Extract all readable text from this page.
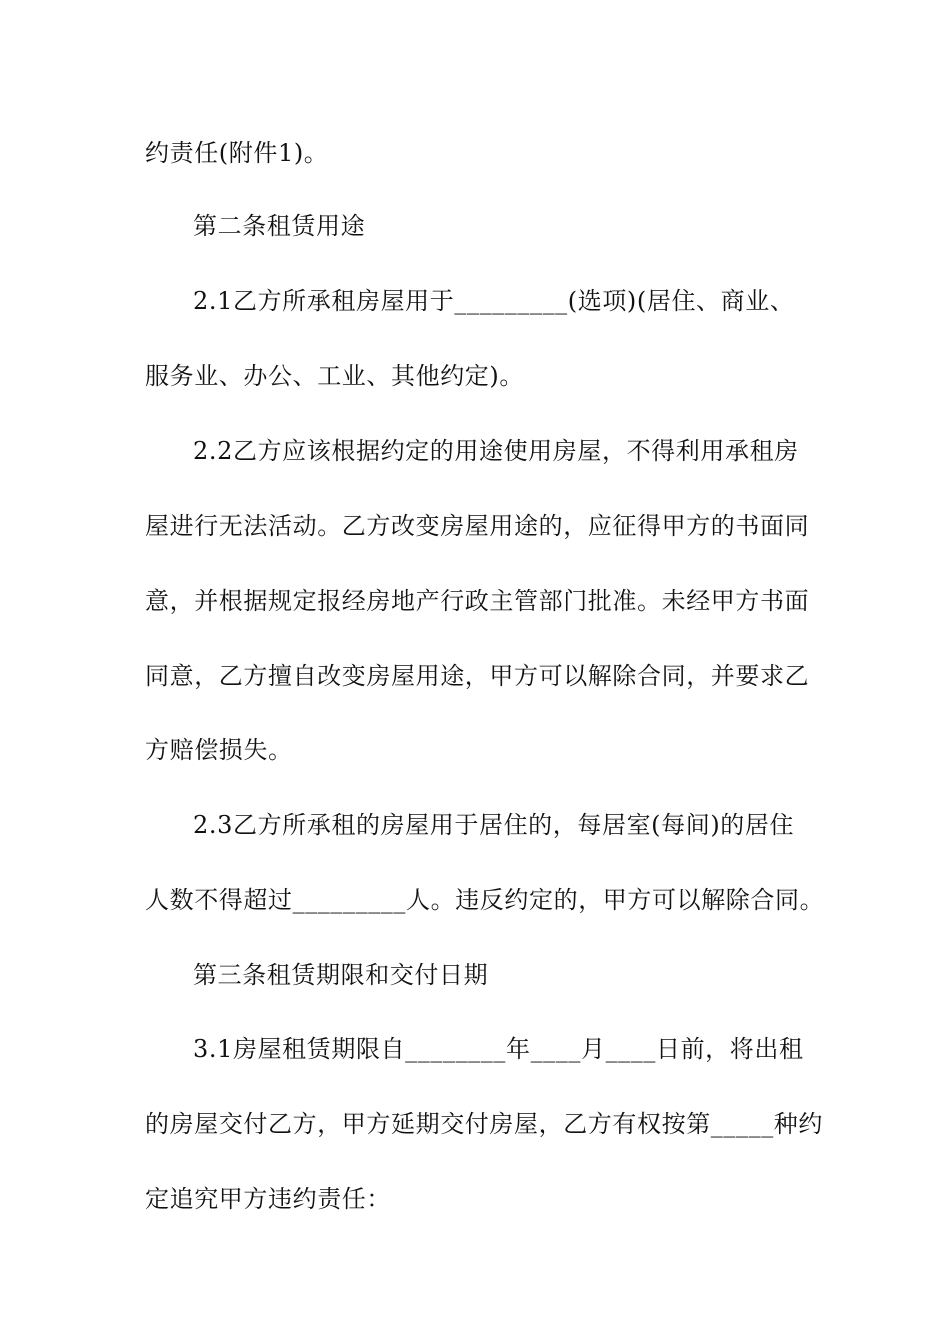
约责任(附件1)。
第二条租赁用途
2.1乙方所承租房屋用于_________(选项)(居住、商业、
服务业、办公、工业、其他约定)。
2.2乙方应该根据约定的用途使用房屋，不得利用承租房
屋进行无法活动。乙方改变房屋用途的，应征得甲方的书面同
意，并根据规定报经房地产行政主管部门批准。未经甲方书面
同意，乙方擅自改变房屋用途，甲方可以解除合同，并要求乙
方赔偿损失。
2.3乙方所承租的房屋用于居住的，每居室(每间)的居住
人数不得超过_________人。违反约定的，甲方可以解除合同。
第三条租赁期限和交付日期
3.1房屋租赁期限自________年____月____日前，将出租
的房屋交付乙方，甲方延期交付房屋，乙方有权按第_____种约
定追究甲方违约责任：
